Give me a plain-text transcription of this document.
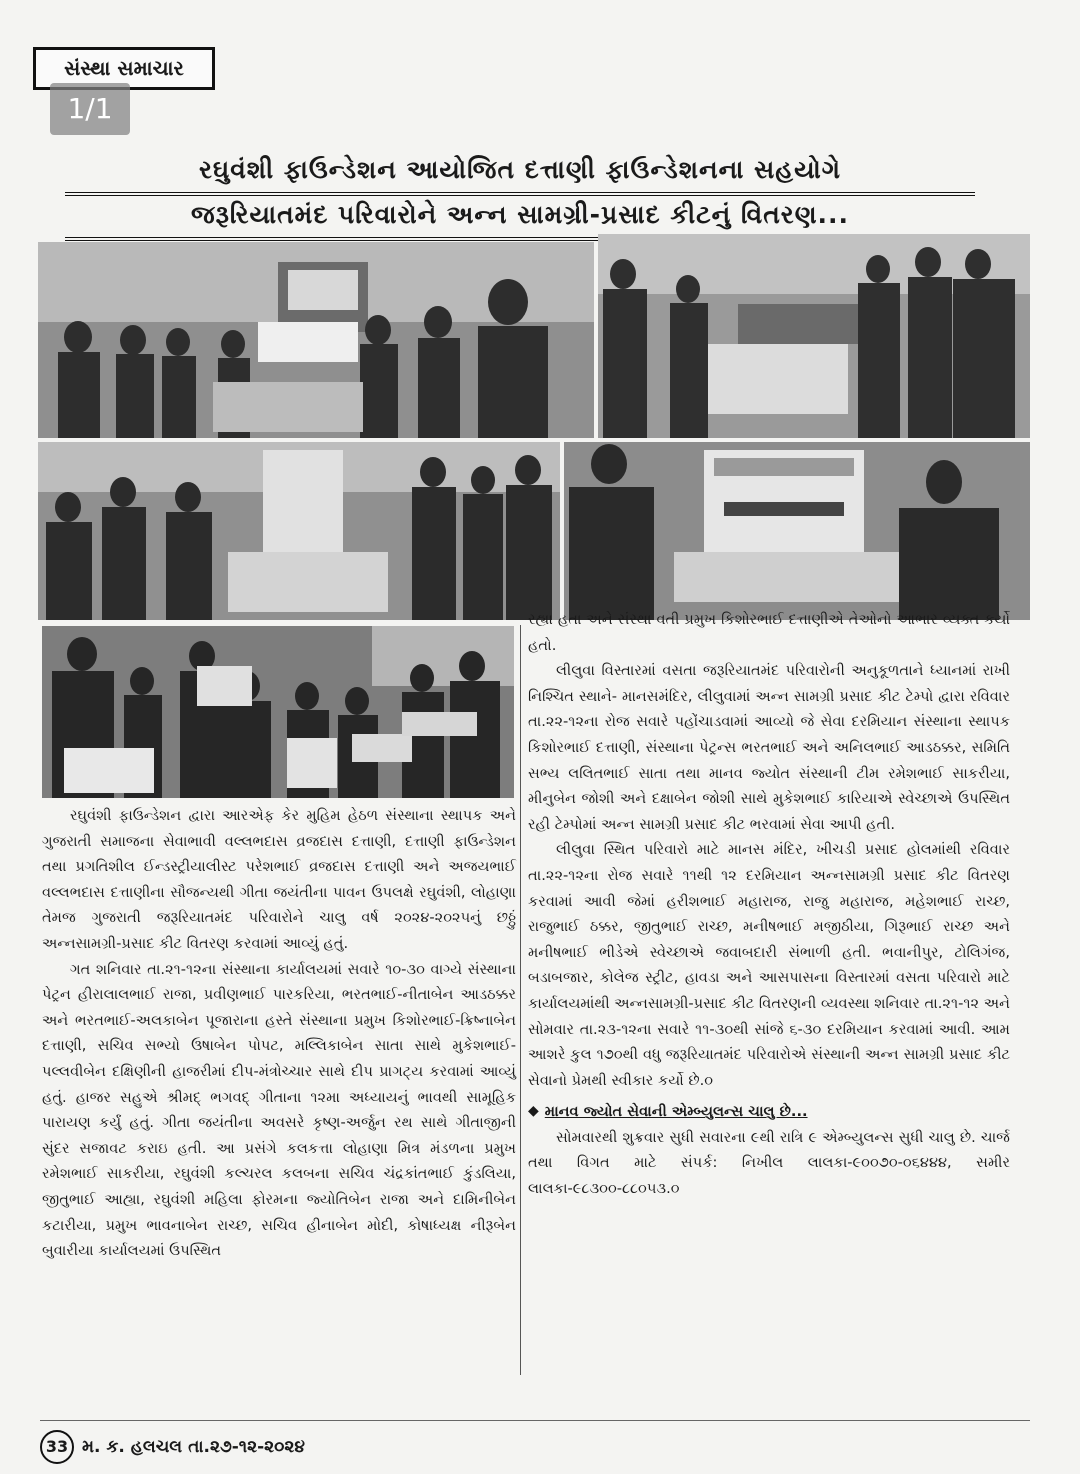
સંસ્થા સમાચાર
1/1
રઘુવંશી ફાઉન્ડેશન આયોજિત દત્તાણી ફાઉન્ડેશનના સહયોગે
જરૂરિયાતમંદ પરિવારોને અન્ન સામગ્રી-પ્રસાદ કીટનું વિતરણ...

રઘુવંશી ફાઉન્ડેશન દ્વારા આરએફ કેર મુહિમ હેઠળ સંસ્થાના સ્થાપક અને ગુજરાતી સમાજના સેવાભાવી વલ્લભદાસ વ્રજદાસ દત્તાણી, દત્તાણી ફાઉન્ડેશન તથા પ્રગતિશીલ ઈન્ડસ્ટ્રીયાલીસ્ટ પરેશભાઈ વ્રજદાસ દત્તાણી અને અજયભાઈ વલ્લભદાસ દત્તાણીના સૌજન્યથી ગીતા જયંતીના પાવન ઉપલક્ષે રઘુવંશી, લોહાણા તેમજ ગુજરાતી જરૂરિયાતમંદ પરિવારોને ચાલુ વર્ષ ૨૦૨૪-૨૦૨૫નું છઠ્ઠું અન્નસામગ્રી-પ્રસાદ કીટ વિતરણ કરવામાં આવ્યું હતું.

ગત શનિવાર તા.૨૧-૧૨ના સંસ્થાના કાર્યાલયમાં સવારે ૧૦-૩૦ વાગ્યે સંસ્થાના પેટ્રન હીરાલાલભાઈ રાજા, પ્રવીણભાઈ પારકરિયા, ભરતભાઈ-નીતાબેન આડઠક્કર અને ભરતભાઈ-અલકાબેન પૂજારાના હસ્તે સંસ્થાના પ્રમુખ કિશોરભાઈ-ક્રિષ્નાબેન દત્તાણી, સચિવ સભ્યો ઉષાબેન પોપટ, મલ્લિકાબેન સાતા સાથે મુકેશભાઈ-પલ્લવીબેન દક્ષિણીની હાજરીમાં દીપ-મંત્રોચ્ચાર સાથે દીપ પ્રાગટ્ય કરવામાં આવ્યું હતું. હાજર સહુએ શ્રીમદ્ ભગવદ્ ગીતાના ૧૨મા અધ્યાયનું ભાવથી સામૂહિક પારાયણ કર્યું હતું. ગીતા જયંતીના અવસરે કૃષ્ણ-અર્જુન રથ સાથે ગીતાજીની સુંદર સજાવટ કરાઇ હતી. આ પ્રસંગે કલકત્તા લોહાણા મિત્ર મંડળના પ્રમુખ રમેશભાઈ સાકરીયા, રઘુવંશી કલ્ચરલ કલબના સચિવ ચંદ્રકાંતભાઈ કુંડલિયા, જીતુભાઈ આહ્યા, રઘુવંશી મહિલા ફોરમના જ્યોતિબેન રાજા અને દામિનીબેન કટારીયા, પ્રમુખ ભાવનાબેન રાચ્છ, સચિવ હીનાબેન મોદી, કોષાધ્યક્ષ નીરૂબેન બુવારીયા કાર્યાલયમાં ઉપસ્થિત

રહ્યા હતા અને સંસ્થા વતી પ્રમુખ કિશોરભાઈ દત્તાણીએ તેઓનો આભાર વ્યક્ત કર્યો હતો.

લીલુવા વિસ્તારમાં વસતા જરૂરિયાતમંદ પરિવારોની અનુકૂળતાને ધ્યાનમાં રાખી નિશ્ચિત સ્થાને- માનસમંદિર, લીલુવામાં અન્ન સામગ્રી પ્રસાદ કીટ ટેમ્પો દ્વારા રવિવાર તા.૨૨-૧૨ના રોજ સવારે પહોંચાડવામાં આવ્યો જે સેવા દરમિયાન સંસ્થાના સ્થાપક કિશોરભાઈ દત્તાણી, સંસ્થાના પેટ્રન્સ ભરતભાઈ અને અનિલભાઈ આડઠક્કર, સમિતિ સભ્ય લલિતભાઈ સાતા તથા માનવ જ્યોત સંસ્થાની ટીમ રમેશભાઈ સાકરીયા, મીનુબેન જોશી અને દક્ષાબેન જોશી સાથે મુકેશભાઈ કારિયાએ સ્વેચ્છાએ ઉપસ્થિત રહી ટેમ્પોમાં અન્ન સામગ્રી પ્રસાદ કીટ ભરવામાં સેવા આપી હતી.

લીલુવા સ્થિત પરિવારો માટે માનસ મંદિર, ખીચડી પ્રસાદ હોલમાંથી રવિવાર તા.૨૨-૧૨ના રોજ સવારે ૧૧થી ૧૨ દરમિયાન અન્નસામગ્રી પ્રસાદ કીટ વિતરણ કરવામાં આવી જેમાં હરીશભાઈ મહારાજ, રાજુ મહારાજ, મહેશભાઈ રાચ્છ, રાજુભાઈ ઠક્કર, જીતુભાઈ રાચ્છ, મનીષભાઈ મજીઠીયા, ગિરૂભાઈ રાચ્છ અને મનીષભાઈ ભીડેએ સ્વેચ્છાએ જવાબદારી સંભાળી હતી. ભવાનીપુર, ટોલિગંજ, બડાબજાર, કોલેજ સ્ટ્રીટ, હાવડા અને આસપાસના વિસ્તારમાં વસતા પરિવારો માટે કાર્યાલયમાંથી અન્નસામગ્રી-પ્રસાદ કીટ વિતરણની વ્યવસ્થા શનિવાર તા.૨૧-૧૨ અને સોમવાર તા.૨૩-૧૨ના સવારે ૧૧-૩૦થી સાંજે ૬-૩૦ દરમિયાન કરવામાં આવી. આમ આશરે કુલ ૧૭૦થી વધુ જરૂરિયાતમંદ પરિવારોએ સંસ્થાની અન્ન સામગ્રી પ્રસાદ કીટ સેવાનો પ્રેમથી સ્વીકાર કર્યો છે.૦

◆ માનવ જ્યોત સેવાની એમ્બ્યુલન્સ ચાલુ છે...

સોમવારથી શુક્રવાર સુધી સવારના ૯થી રાત્રિ ૯ એમ્બ્યુલન્સ સુધી ચાલુ છે. ચાર્જ તથા વિગત માટે સંપર્ક: નિખીલ લાલકા-૯૦૦૭૦-૦૬૪૪૪, સમીર લાલકા-૯૮૩૦૦-૮૮૦૫૩.૦

33 મ. ક. હલચલ તા.૨૭-૧૨-૨૦૨૪
